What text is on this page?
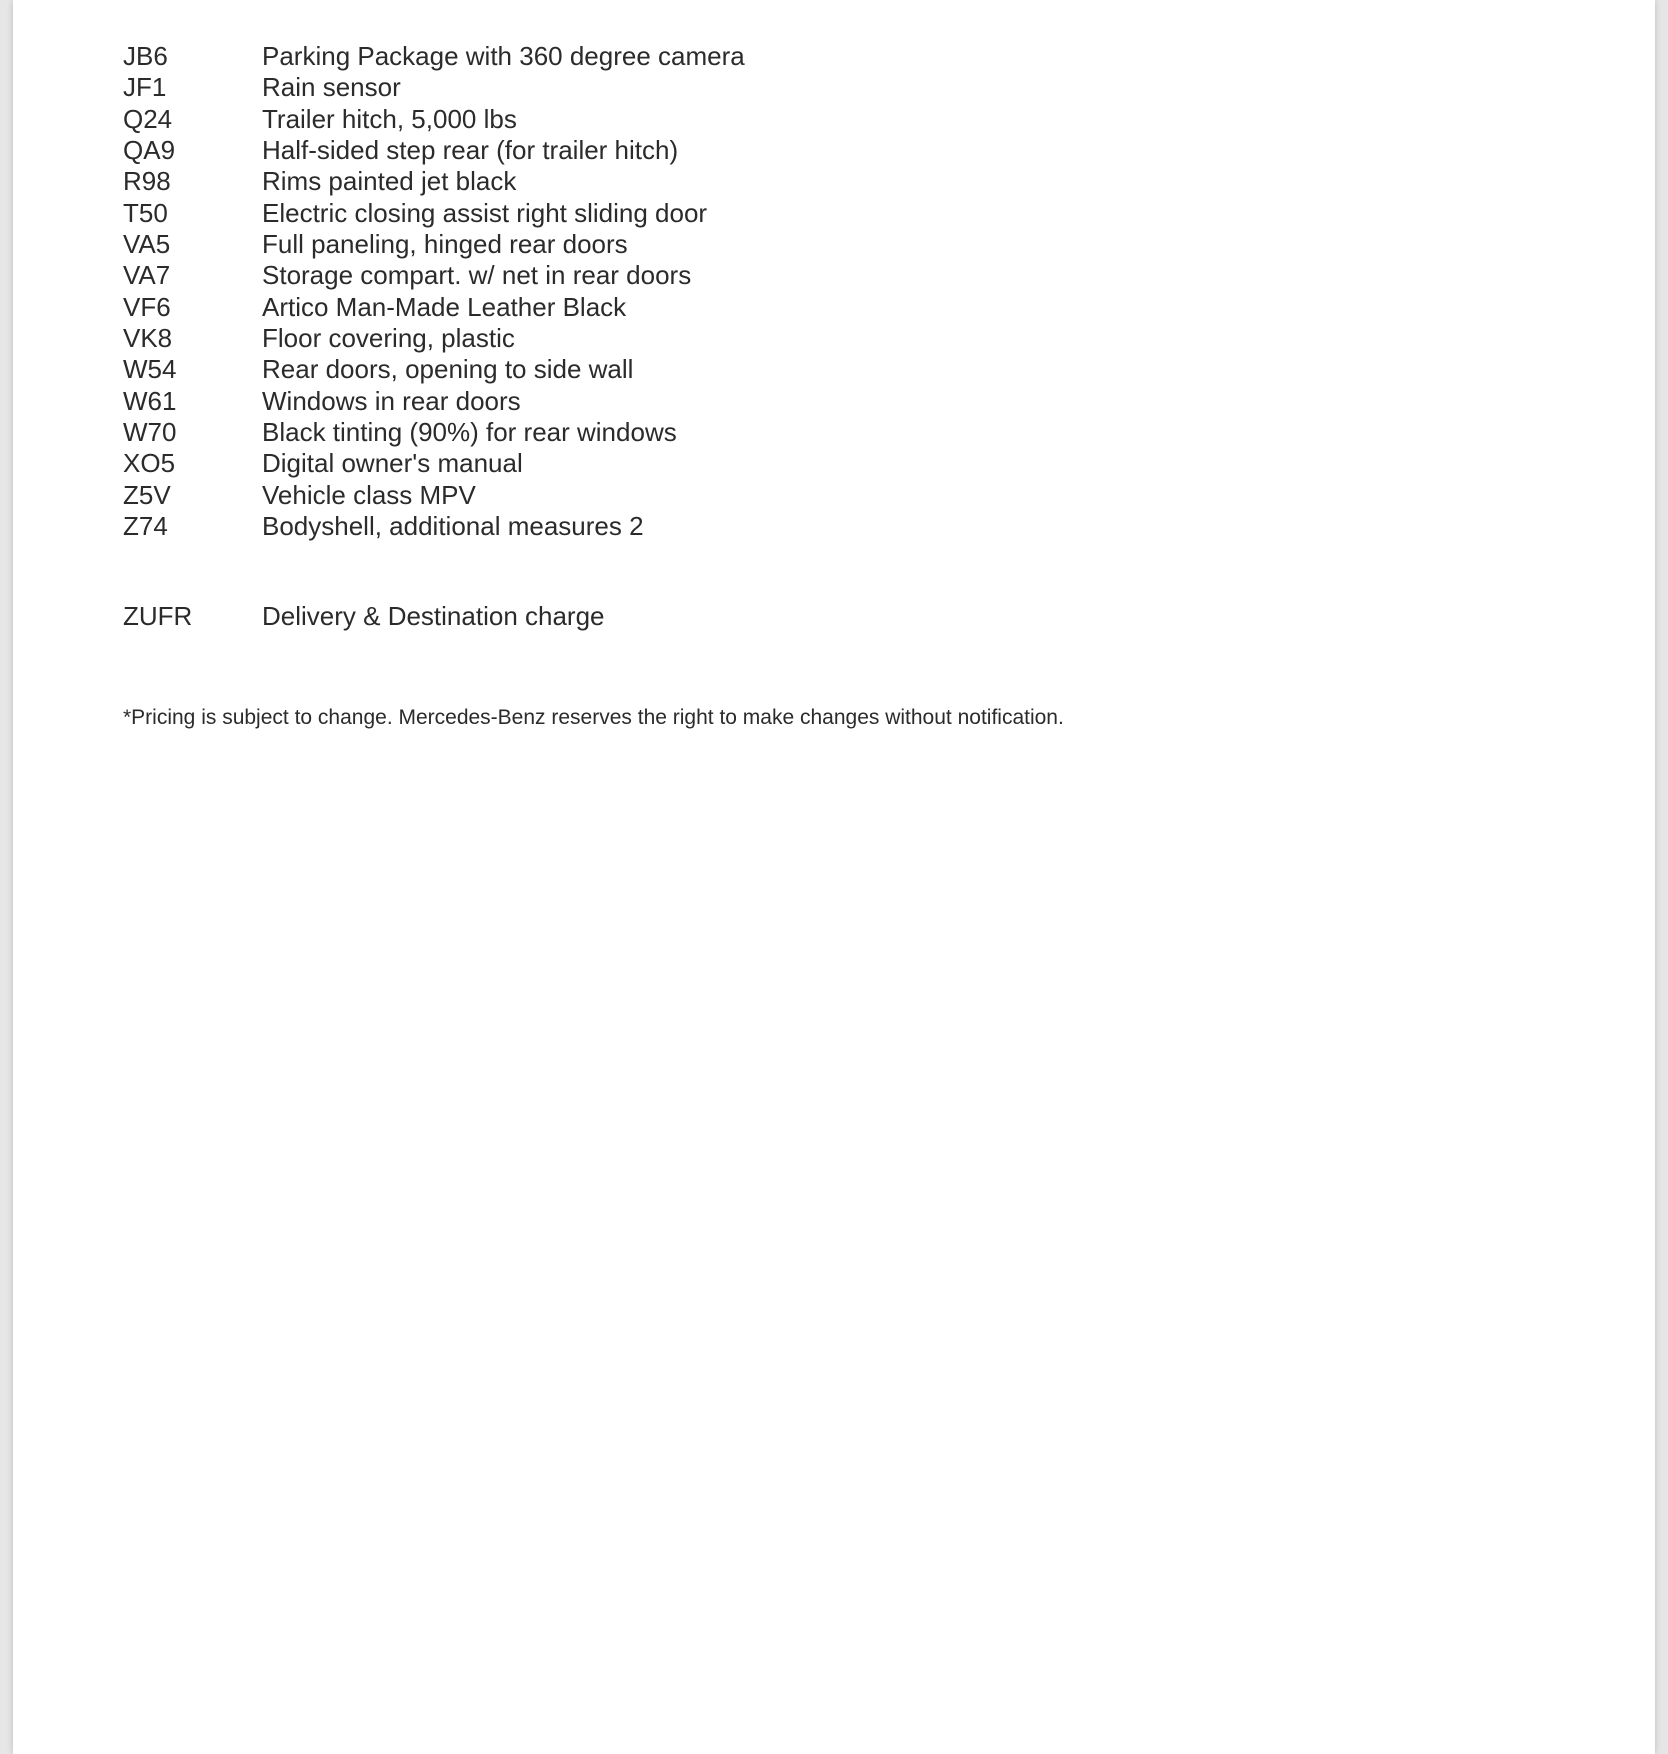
JB6	Parking Package with 360 degree camera
JF1	Rain sensor
Q24	Trailer hitch, 5,000 lbs
QA9	Half-sided step rear (for trailer hitch)
R98	Rims painted jet black
T50	Electric closing assist right sliding door
VA5	Full paneling, hinged rear doors
VA7	Storage compart. w/ net in rear doors
VF6	Artico Man-Made Leather Black
VK8	Floor covering, plastic
W54	Rear doors, opening to side wall
W61	Windows in rear doors
W70	Black tinting (90%) for rear windows
XO5	Digital owner's manual
Z5V	Vehicle class MPV
Z74	Bodyshell, additional measures 2
ZUFR	Delivery & Destination charge
*Pricing is subject to change. Mercedes-Benz reserves the right to make changes without notification.
